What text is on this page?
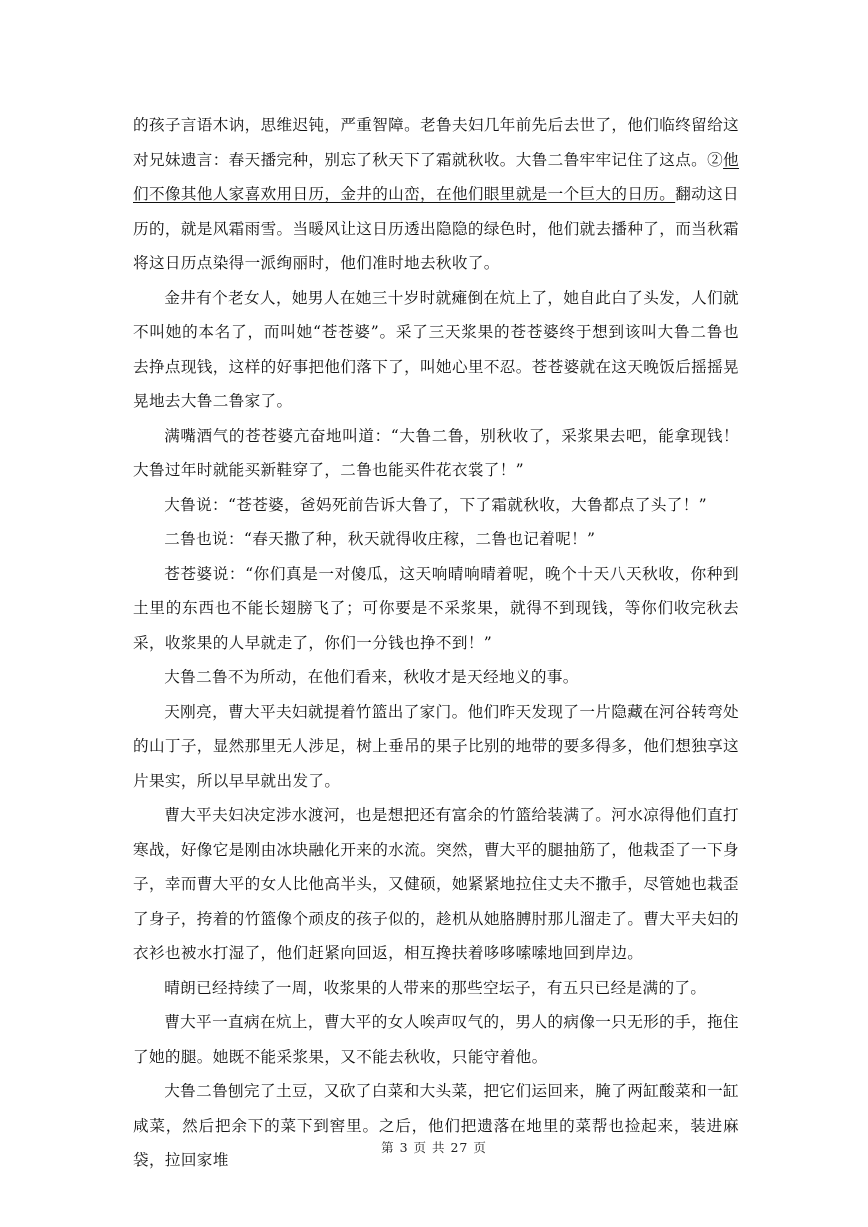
的孩子言语木讷，思维迟钝，严重智障。老鲁夫妇几年前先后去世了，他们临终留给这对兄妹遗言：春天播完种，别忘了秋天下了霜就秋收。大鲁二鲁牢牢记住了这点。②他们不像其他人家喜欢用日历，金井的山峦，在他们眼里就是一个巨大的日历。翻动这日历的，就是风霜雨雪。当暖风让这日历透出隐隐的绿色时，他们就去播种了，而当秋霜将这日历点染得一派绚丽时，他们准时地去秋收了。

金井有个老女人，她男人在她三十岁时就瘫倒在炕上了，她自此白了头发，人们就不叫她的本名了，而叫她“苍苍婆”。采了三天浆果的苍苍婆终于想到该叫大鲁二鲁也去挣点现钱，这样的好事把他们落下了，叫她心里不忍。苍苍婆就在这天晚饭后摇摇晃晃地去大鲁二鲁家了。

满嘴酒气的苍苍婆亢奋地叫道：“大鲁二鲁，别秋收了，采浆果去吧，能拿现钱！大鲁过年时就能买新鞋穿了，二鲁也能买件花衣裳了！”

大鲁说：“苍苍婆，爸妈死前告诉大鲁了，下了霜就秋收，大鲁都点了头了！”

二鲁也说：“春天撒了种，秋天就得收庄稼，二鲁也记着呢！”

苍苍婆说：“你们真是一对傻瓜，这天响晴响晴着呢，晚个十天八天秋收，你种到土里的东西也不能长翅膀飞了；可你要是不采浆果，就得不到现钱，等你们收完秋去采，收浆果的人早就走了，你们一分钱也挣不到！”

大鲁二鲁不为所动，在他们看来，秋收才是天经地义的事。

天刚亮，曹大平夫妇就提着竹篮出了家门。他们昨天发现了一片隐藏在河谷转弯处的山丁子，显然那里无人涉足，树上垂吊的果子比别的地带的要多得多，他们想独享这片果实，所以早早就出发了。

曹大平夫妇决定涉水渡河，也是想把还有富余的竹篮给装满了。河水凉得他们直打寒战，好像它是刚由冰块融化开来的水流。突然，曹大平的腿抽筋了，他栽歪了一下身子，幸而曹大平的女人比他高半头，又健硕，她紧紧地拉住丈夫不撒手，尽管她也栽歪了身子，挎着的竹篮像个顽皮的孩子似的，趁机从她胳膊肘那儿溜走了。曹大平夫妇的衣衫也被水打湿了，他们赶紧向回返，相互搀扶着哆哆嗦嗦地回到岸边。

晴朗已经持续了一周，收浆果的人带来的那些空坛子，有五只已经是满的了。

曹大平一直病在炕上，曹大平的女人唉声叹气的，男人的病像一只无形的手，拖住了她的腿。她既不能采浆果，又不能去秋收，只能守着他。

大鲁二鲁刨完了土豆，又砍了白菜和大头菜，把它们运回来，腌了两缸酸菜和一缸咸菜，然后把余下的菜下到窖里。之后，他们把遗落在地里的菜帮也捡起来，装进麻袋，拉回家堆

第 3 页 共 27 页
